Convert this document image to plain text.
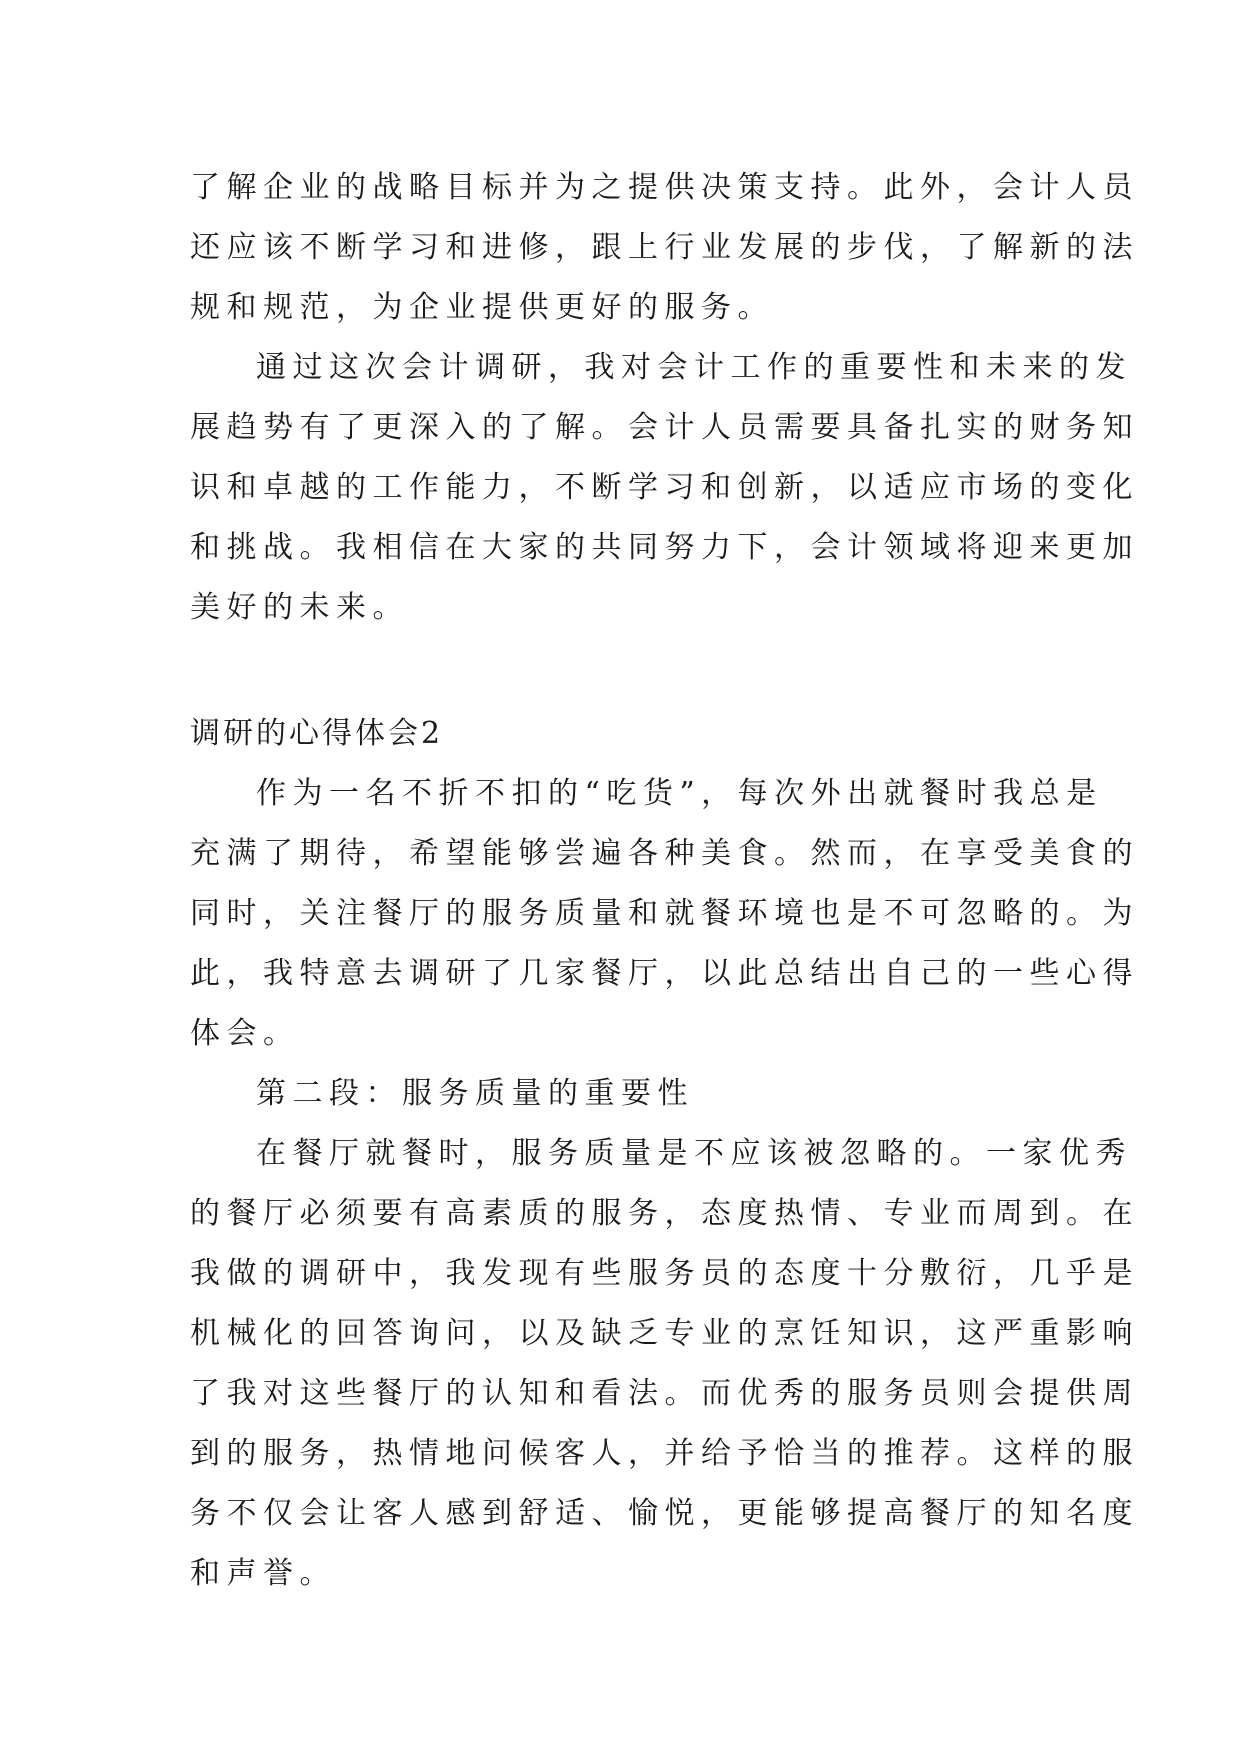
了解企业的战略目标并为之提供决策支持。此外，会计人员
还应该不断学习和进修，跟上行业发展的步伐，了解新的法
规和规范，为企业提供更好的服务。
通过这次会计调研，我对会计工作的重要性和未来的发
展趋势有了更深入的了解。会计人员需要具备扎实的财务知
识和卓越的工作能力，不断学习和创新，以适应市场的变化
和挑战。我相信在大家的共同努力下，会计领域将迎来更加
美好的未来。
调研的心得体会2
作为一名不折不扣的“吃货”，每次外出就餐时我总是
充满了期待，希望能够尝遍各种美食。然而，在享受美食的
同时，关注餐厅的服务质量和就餐环境也是不可忽略的。为
此，我特意去调研了几家餐厅，以此总结出自己的一些心得
体会。
第二段：服务质量的重要性
在餐厅就餐时，服务质量是不应该被忽略的。一家优秀
的餐厅必须要有高素质的服务，态度热情、专业而周到。在
我做的调研中，我发现有些服务员的态度十分敷衍，几乎是
机械化的回答询问，以及缺乏专业的烹饪知识，这严重影响
了我对这些餐厅的认知和看法。而优秀的服务员则会提供周
到的服务，热情地问候客人，并给予恰当的推荐。这样的服
务不仅会让客人感到舒适、愉悦，更能够提高餐厅的知名度
和声誉。
